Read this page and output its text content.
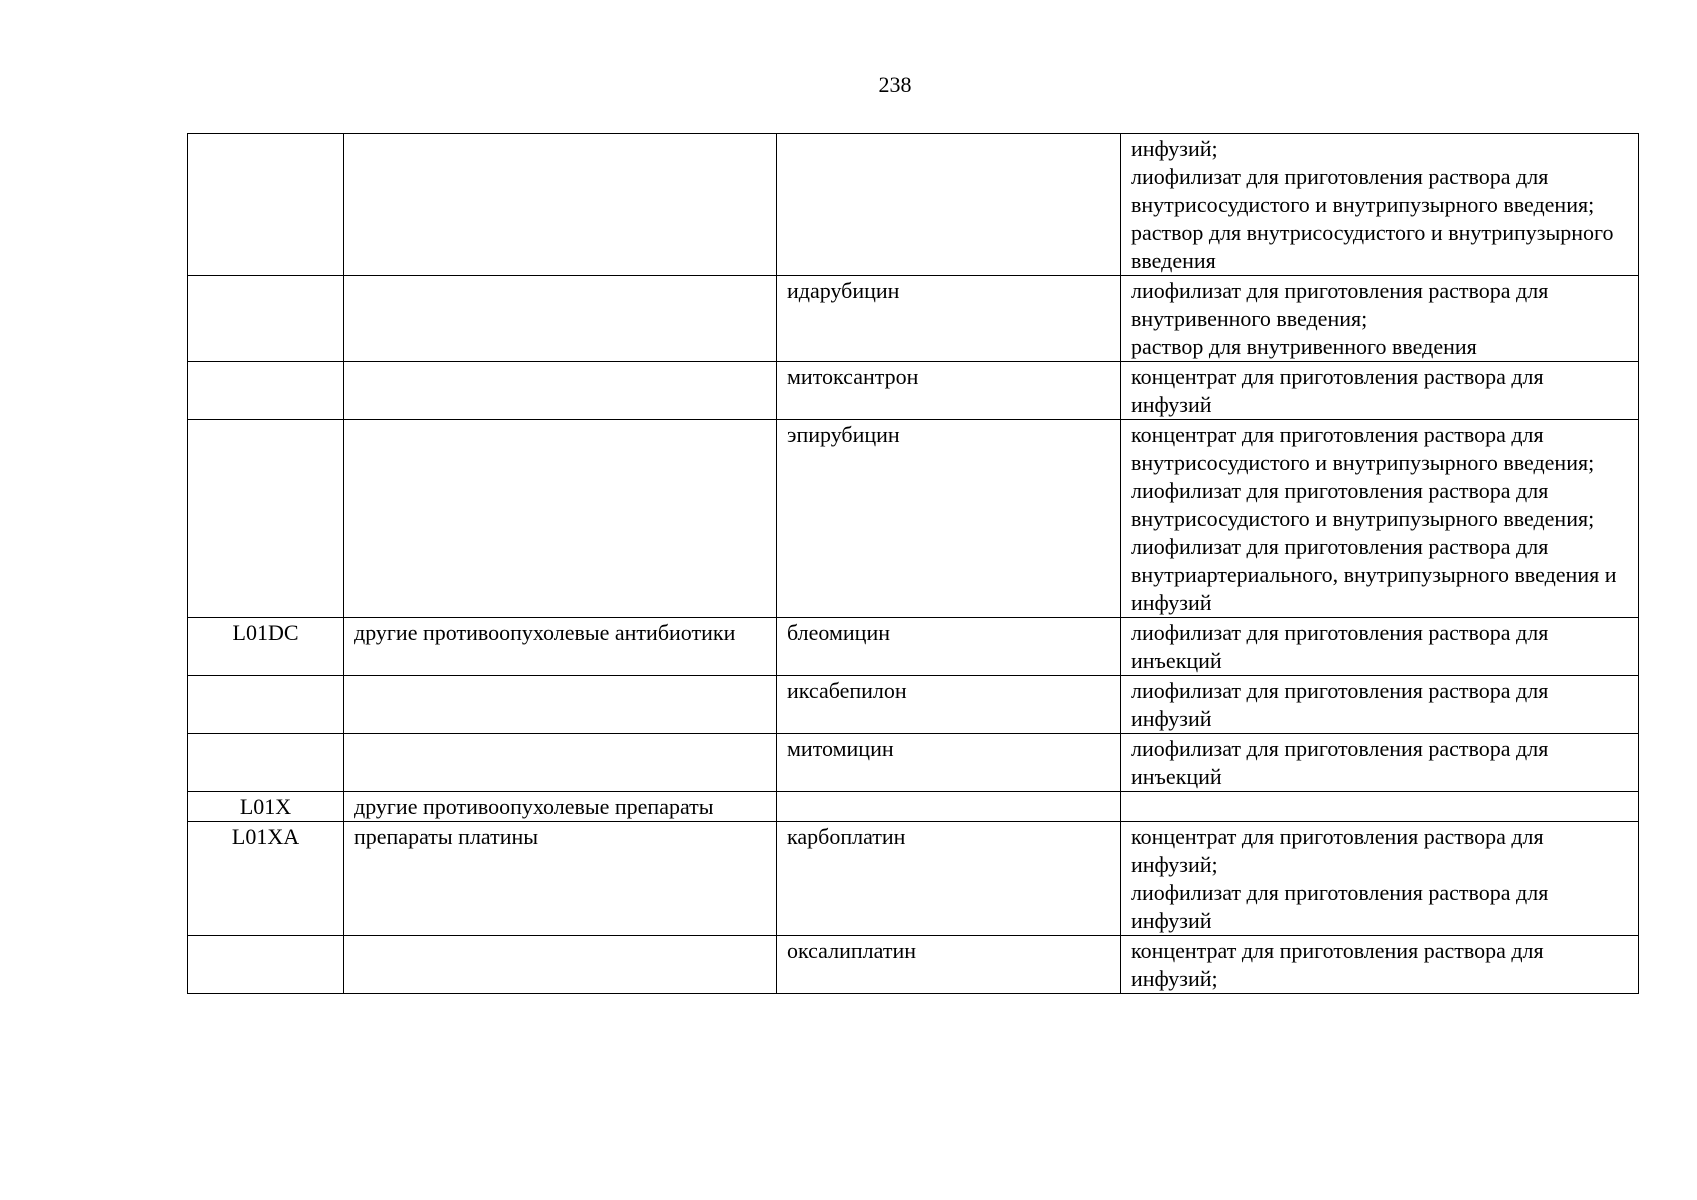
238
			инфузий;
лиофилизат для приготовления раствора для внутрисосудистого и внутрипузырного введения;
раствор для внутрисосудистого и внутрипузырного введения
		идарубицин	лиофилизат для приготовления раствора для внутривенного введения;
раствор для внутривенного введения
		митоксантрон	концентрат для приготовления раствора для инфузий
		эпирубицин	концентрат для приготовления раствора для внутрисосудистого и внутрипузырного введения;
лиофилизат для приготовления раствора для внутрисосудистого и внутрипузырного введения;
лиофилизат для приготовления раствора для внутриартериального, внутрипузырного введения и инфузий
L01DC	другие противоопухолевые антибиотики	блеомицин	лиофилизат для приготовления раствора для инъекций
		иксабепилон	лиофилизат для приготовления раствора для инфузий
		митомицин	лиофилизат для приготовления раствора для инъекций
L01X	другие противоопухолевые препараты		
L01XA	препараты платины	карбоплатин	концентрат для приготовления раствора для инфузий;
лиофилизат для приготовления раствора для инфузий
		оксалиплатин	концентрат для приготовления раствора для инфузий;
